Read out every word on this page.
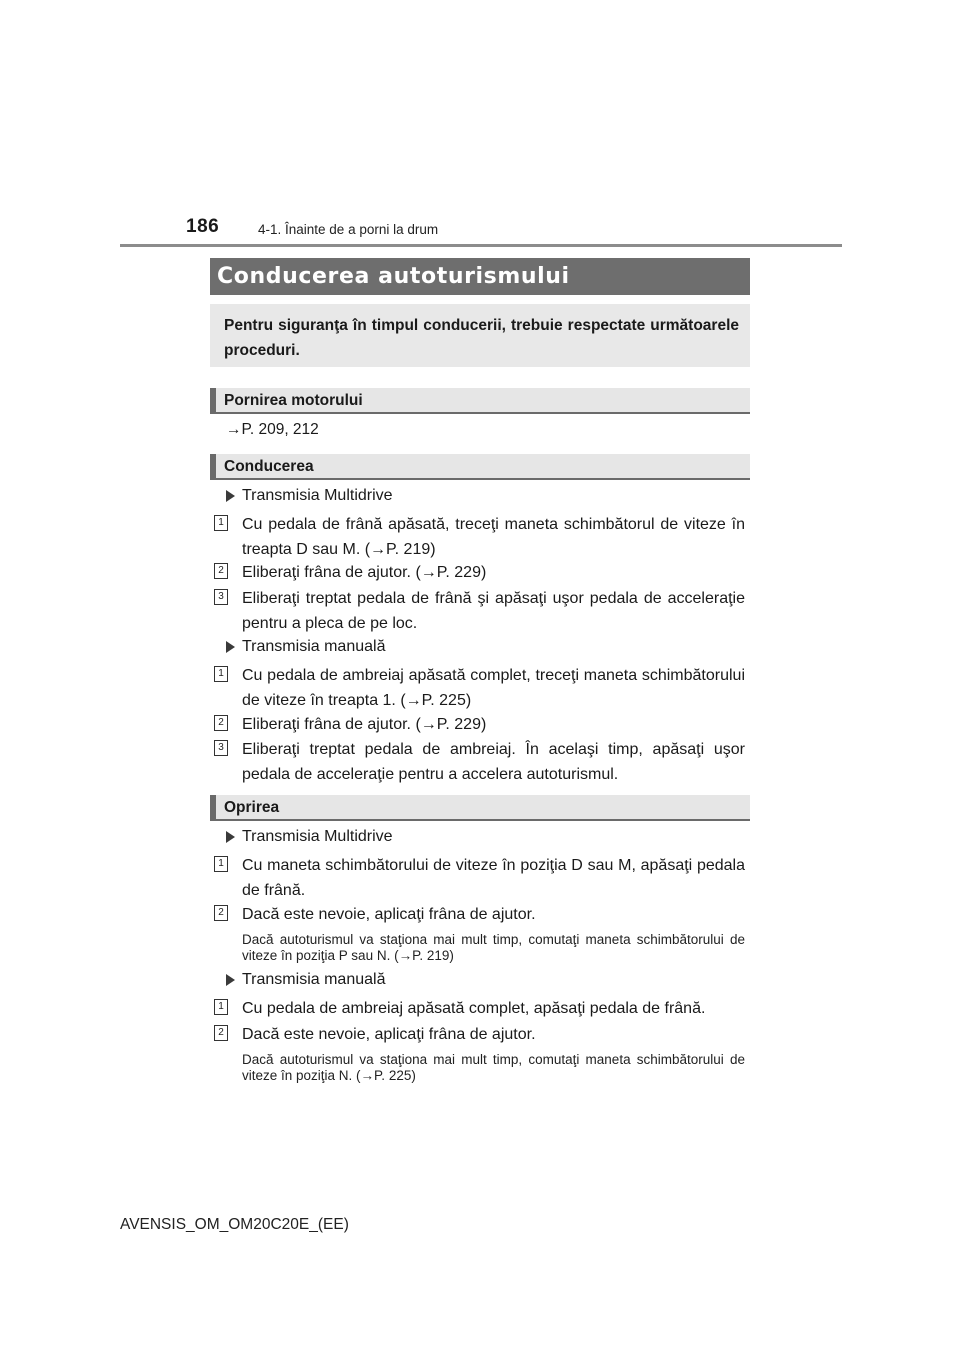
186	4-1. Înainte de a porni la drum
Conducerea autoturismului
Pentru siguranţa în timpul conducerii, trebuie respectate următoarele proceduri.
Pornirea motorului
→P. 209, 212
Conducerea
Transmisia Multidrive
1 Cu pedala de frână apăsată, treceţi maneta schimbătorul de viteze în treapta D sau M. (→P. 219)
2 Eliberaţi frâna de ajutor. (→P. 229)
3 Eliberaţi treptat pedala de frână şi apăsaţi uşor pedala de acceleraţie pentru a pleca de pe loc.
Transmisia manuală
1 Cu pedala de ambreiaj apăsată complet, treceţi maneta schimbătorului de viteze în treapta 1. (→P. 225)
2 Eliberaţi frâna de ajutor. (→P. 229)
3 Eliberaţi treptat pedala de ambreiaj. În acelaşi timp, apăsaţi uşor pedala de acceleraţie pentru a accelera autoturismul.
Oprirea
Transmisia Multidrive
1 Cu maneta schimbătorului de viteze în poziţia D sau M, apăsaţi pedala de frână.
2 Dacă este nevoie, aplicaţi frâna de ajutor.
Dacă autoturismul va staţiona mai mult timp, comutaţi maneta schimbătorului de viteze în poziţia P sau N. (→P. 219)
Transmisia manuală
1 Cu pedala de ambreiaj apăsată complet, apăsaţi pedala de frână.
2 Dacă este nevoie, aplicaţi frâna de ajutor.
Dacă autoturismul va staţiona mai mult timp, comutaţi maneta schimbătorului de viteze în poziţia N. (→P. 225)
AVENSIS_OM_OM20C20E_(EE)
